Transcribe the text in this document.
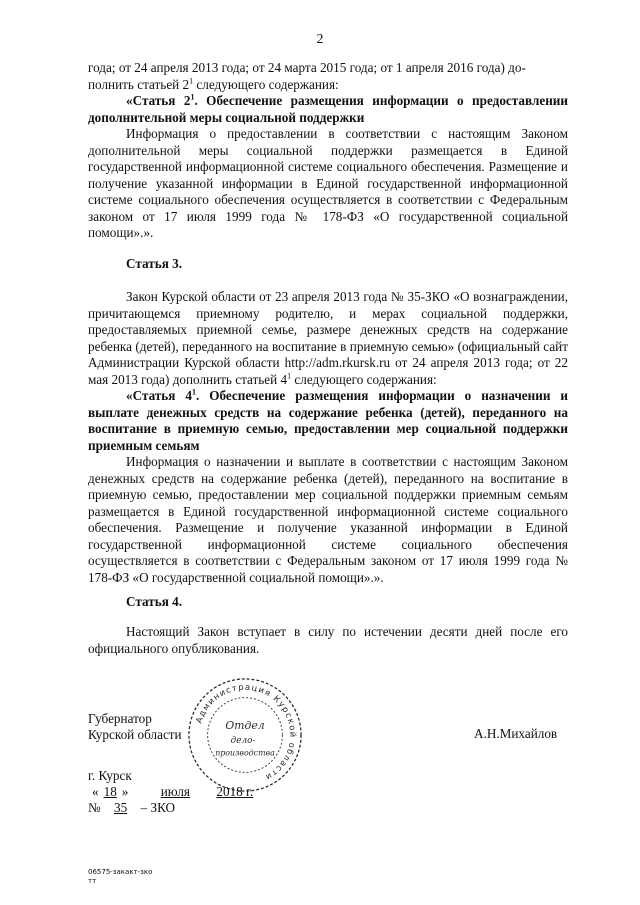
2

года; от 24 апреля 2013 года; от 24 марта 2015 года; от 1 апреля 2016 года) до-

полнить статьей $2^1$ следующего содержания:

«Статья $2^1$. Обеспечение размещения информации о предоставлении дополнительной меры социальной поддержки

Информация о предоставлении в соответствии с настоящим Законом дополнительной меры социальной поддержки размещается в Единой государственной информационной системе социального обеспечения. Размещение и получение указанной информации в Единой государственной информационной системе социального обеспечения осуществляется в соответствии с Федеральным законом от 17 июля 1999 года № 178-ФЗ «О государственной социальной помощи».».

Статья 3.

Закон Курской области от 23 апреля 2013 года № 35-ЗКО «О вознаграждении, причитающемся приемному родителю, и мерах социальной поддержки, предоставляемых приемной семье, размере денежных средств на содержание ребенка (детей), переданного на воспитание в приемную семью» (официальный сайт Администрации Курской области http://adm.rkursk.ru от 24 апреля 2013 года; от 22 мая 2013 года) дополнить статьей $4^1$ следующего содержания:

«Статья $4^1$. Обеспечение размещения информации о назначении и выплате денежных средств на содержание ребенка (детей), переданного на воспитание в приемную семью, предоставлении мер социальной поддержки приемным семьям

Информация о назначении и выплате в соответствии с настоящим Законом денежных средств на содержание ребенка (детей), переданного на воспитание в приемную семью, предоставлении мер социальной поддержки приемным семьям размещается в Единой государственной информационной системе социального обеспечения. Размещение и получение указанной информации в Единой государственной информационной системе социального обеспечения осуществляется в соответствии с Федеральным законом от 17 июля 1999 года № 178-ФЗ «О государственной социальной помощи».».

Статья 4.

Настоящий Закон вступает в силу по истечении десяти дней после его официального опубликования.

Губернатор
Курской области	А.Н.Михайлов
Администрация Курской области
Отдел
дело-
производства
г. Курск
« 18 » июля 2018 г.
№ 35 – ЗКО
06575-закакт-зко
тт
